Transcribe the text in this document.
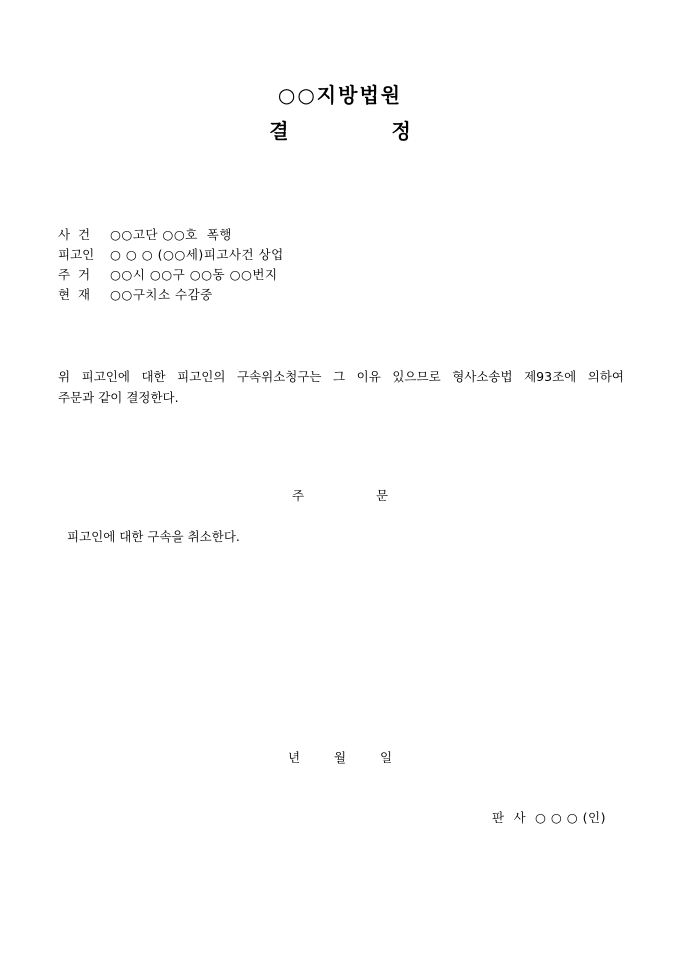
○○지방법원
결 정
사  건	○○고단 ○○호  폭행
피고인	○ ○ ○ (○○세)피고사건 상업
주  거	○○시 ○○구 ○○동 ○○번지
현  재	○○구치소 수감중
위 피고인에 대한 피고인의 구속위소청구는 그 이유 있으므로 형사소송법 제93조에 의하여
주문과 같이 결정한다.
주 문
피고인에 대한 구속을 취소한다.
년	월	일
판  사  ○ ○ ○ (인)
